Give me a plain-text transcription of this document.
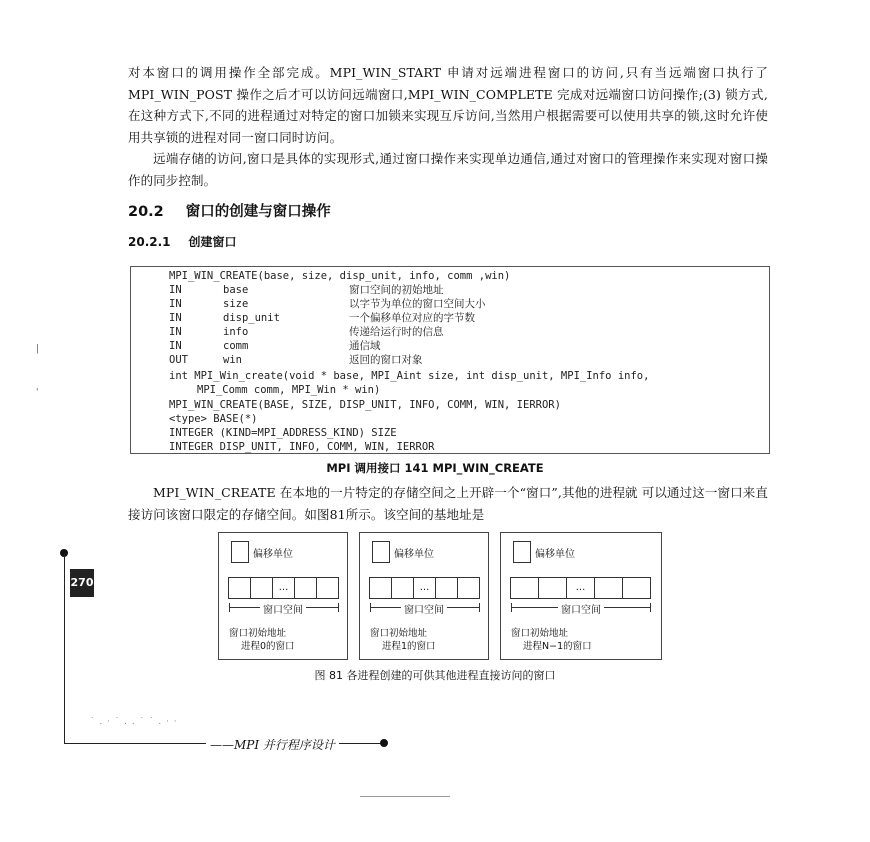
对本窗口的调用操作全部完成。MPI_WIN_START 申请对远端进程窗口的访问,只有当远端窗口执行了 MPI_WIN_POST 操作之后才可以访问远端窗口,MPI_WIN_COMPLETE 完成对远端窗口访问操作;(3) 锁方式,在这种方式下,不同的进程通过对特定的窗口加锁来实现互斥访问,当然用户根据需要可以使用共享的锁,这时允许使用共享锁的进程对同一窗口同时访问。

远端存储的访问,窗口是具体的实现形式,通过窗口操作来实现单边通信,通过对窗口的管理操作来实现对窗口操作的同步控制。

20.2 窗口的创建与窗口操作
20.2.1 创建窗口
MPI_WIN_CREATE(base, size, disp_unit, info, comm ,win)
IN	base	窗口空间的初始地址
IN	size	以字节为单位的窗口空间大小
IN	disp_unit	一个偏移单位对应的字节数
IN	info	传递给运行时的信息
IN	comm	通信域
OUT	win	返回的窗口对象
int MPI_Win_create(void * base, MPI_Aint size, int disp_unit, MPI_Info info,
MPI_Comm comm, MPI_Win * win)
MPI_WIN_CREATE(BASE, SIZE, DISP_UNIT, INFO, COMM, WIN, IERROR)
<type> BASE(*)
INTEGER (KIND=MPI_ADDRESS_KIND) SIZE
INTEGER DISP_UNIT, INFO, COMM, WIN, IERROR
MPI 调用接口 141 MPI_WIN_CREATE

MPI_WIN_CREATE 在本地的一片特定的存储空间之上开辟一个“窗口”,其他的进程就 可以通过这一窗口来直接访问该窗口限定的存储空间。如图81所示。该空间的基地址是

偏移单位
...
窗口空间
窗口初始地址
进程0的窗口
偏移单位
...
窗口空间
窗口初始地址
进程1的窗口
偏移单位
...
窗口空间
窗口初始地址
进程N−1的窗口
图 81 各进程创建的可供其他进程直接访问的窗口
|
'
270
˙ . · ˙ . . ˙ ˙ . · ·
——MPI 并行程序设计
